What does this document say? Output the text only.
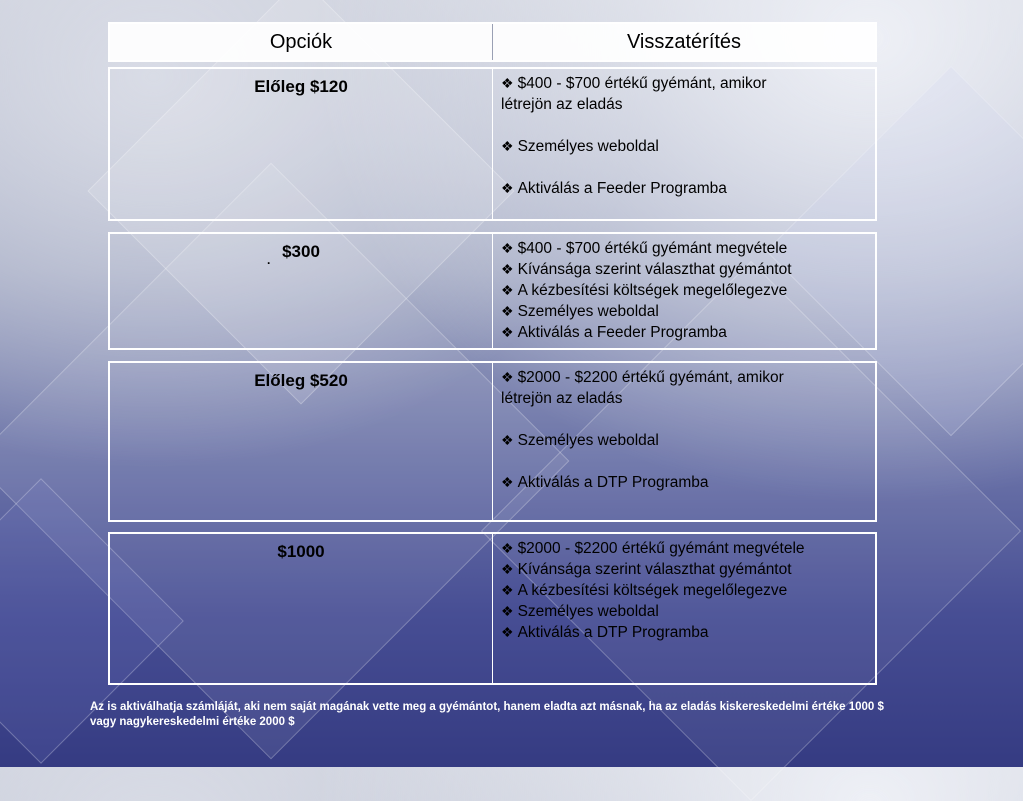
Opciók	Visszatérítés
Előleg $120	❖ $400 - $700 értékű gyémánt, amikor
létrejön az eladás
❖ Személyes weboldal
❖ Aktiválás a Feeder Programba
·
$300	❖ $400 - $700 értékű gyémánt megvétele
❖ Kívánsága szerint választhat gyémántot
❖ A kézbesítési költségek megelőlegezve
❖ Személyes weboldal
❖ Aktiválás a Feeder Programba
Előleg $520	❖ $2000 - $2200 értékű gyémánt, amikor
létrejön az eladás
❖ Személyes weboldal
❖ Aktiválás a DTP Programba
$1000	❖ $2000 - $2200 értékű gyémánt megvétele
❖ Kívánsága szerint választhat gyémántot
❖ A kézbesítési költségek megelőlegezve
❖ Személyes weboldal
❖ Aktiválás a DTP Programba
Az is aktiválhatja számláját, aki nem saját magának vette meg a gyémántot, hanem eladta azt másnak, ha az eladás kiskereskedelmi értéke 1000 $ vagy nagykereskedelmi értéke 2000 $
